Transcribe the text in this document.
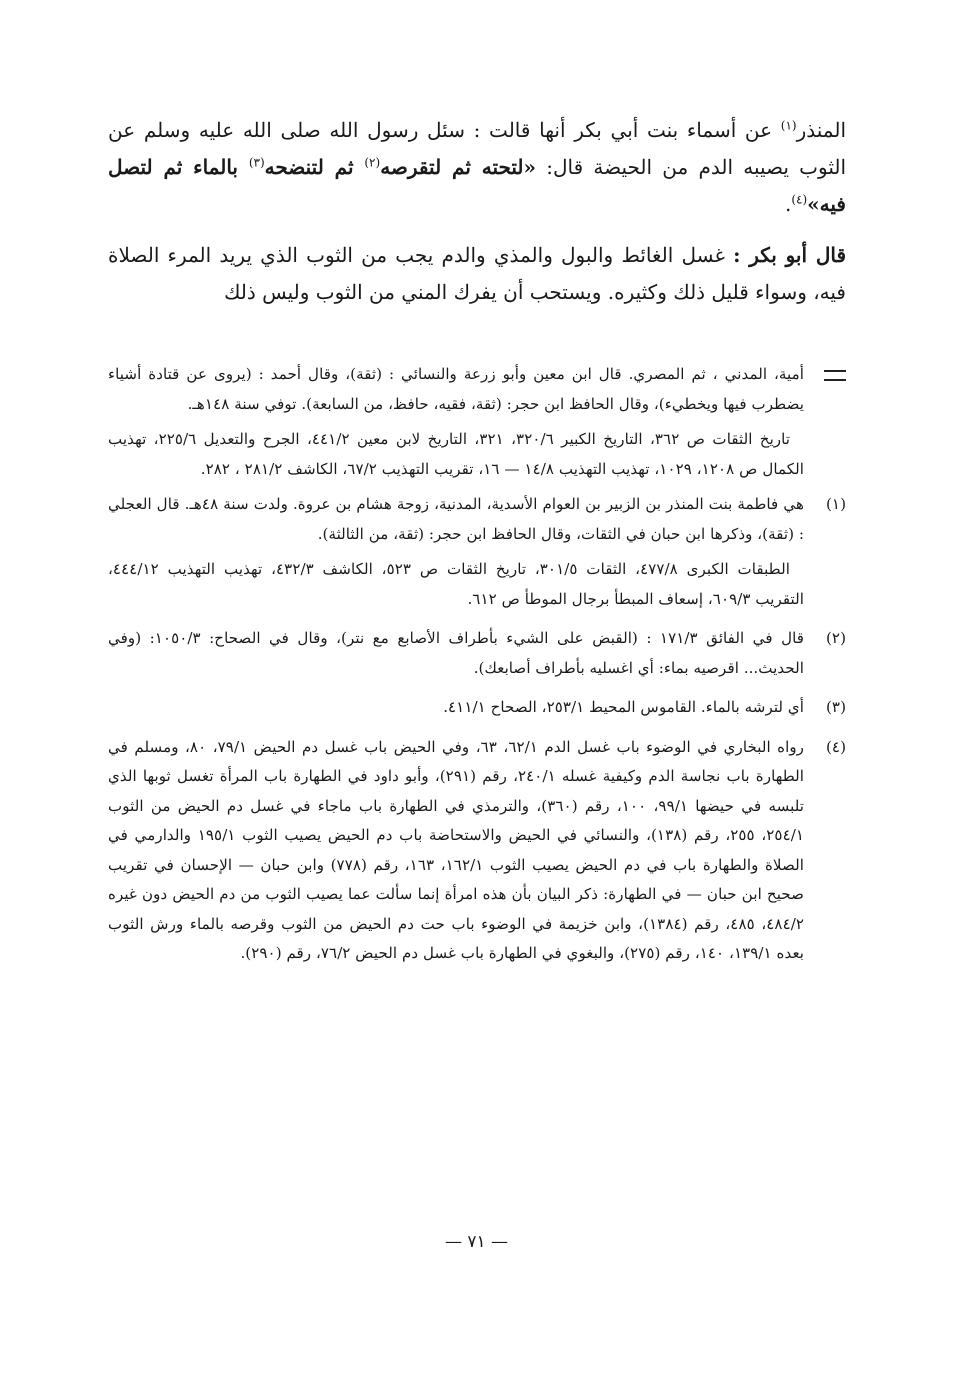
المنذر$^{(١)}$ عن أسماء بنت أبي بكر أنها قالت : سئل رسول الله صلى الله عليه وسلم عن الثوب يصيبه الدم من الحيضة قال: «لتحته ثم لتقرصه$^{(٢)}$ ثم لتنضحه$^{(٣)}$ بالماء ثم لتصل فيه»$^{(٤)}$.

قال أبو بكر : غسل الغائط والبول والمذي والدم يجب من الثوب الذي يريد المرء الصلاة فيه، وسواء قليل ذلك وكثيره. ويستحب أن يفرك المني من الثوب وليس ذلك

أمية، المدني ، ثم المصري. قال ابن معين وأبو زرعة والنسائي : (ثقة)، وقال أحمد : (يروى عن قتادة أشياء يضطرب فيها ويخطيء)، وقال الحافظ ابن حجر: (ثقة، فقيه، حافظ، من السابعة). توفي سنة ١٤٨هـ.

تاريخ الثقات ص ٣٦٢، التاريخ الكبير ٣٢٠/٦، ٣٢١، التاريخ لابن معين ٤٤١/٢، الجرح والتعديل ٢٢٥/٦، تهذيب الكمال ص ١٢٠٨، ١٠٢٩، تهذيب التهذيب ١٤/٨ — ١٦، تقريب التهذيب ٦٧/٢، الكاشف ٢٨١/٢ ، ٢٨٢.

(١)

هي فاطمة بنت المنذر بن الزبير بن العوام الأسدية، المدنية، زوجة هشام بن عروة. ولدت سنة ٤٨هـ. قال العجلي : (ثقة)، وذكرها ابن حبان في الثقات، وقال الحافظ ابن حجر: (ثقة، من الثالثة).

الطبقات الكبرى ٤٧٧/٨، الثقات ٣٠١/٥، تاريخ الثقات ص ٥٢٣، الكاشف ٤٣٢/٣، تهذيب التهذيب ٤٤٤/١٢، التقريب ٦٠٩/٣، إسعاف المبطأ برجال الموطأ ص ٦١٢.

(٢)

قال في الفائق ١٧١/٣ : (القبض على الشيء بأطراف الأصابع مع نتر)، وقال في الصحاح: ١٠٥٠/٣: (وفي الحديث... اقرصيه بماء: أي اغسليه بأطراف أصابعك).

(٣)

أي لترشه بالماء. القاموس المحيط ٢٥٣/١، الصحاح ٤١١/١.

(٤)

رواه البخاري في الوضوء باب غسل الدم ٦٢/١، ٦٣، وفي الحيض باب غسل دم الحيض ٧٩/١، ٨٠، ومسلم في الطهارة باب نجاسة الدم وكيفية غسله ٢٤٠/١، رقم (٢٩١)، وأبو داود في الطهارة باب المرأة تغسل ثوبها الذي تلبسه في حيضها ٩٩/١، ١٠٠، رقم (٣٦٠)، والترمذي في الطهارة باب ماجاء في غسل دم الحيض من الثوب ٢٥٤/١، ٢٥٥، رقم (١٣٨)، والنسائي في الحيض والاستحاضة باب دم الحيض يصيب الثوب ١٩٥/١ والدارمي في الصلاة والطهارة باب في دم الحيض يصيب الثوب ١٦٢/١، ١٦٣، رقم (٧٧٨) وابن حبان — الإحسان في تقريب صحيح ابن حبان — في الطهارة: ذكر البيان بأن هذه امرأة إنما سألت عما يصيب الثوب من دم الحيض دون غيره ٤٨٤/٢، ٤٨٥، رقم (١٣٨٤)، وابن خزيمة في الوضوء باب حت دم الحيض من الثوب وقرصه بالماء ورش الثوب بعده ١٣٩/١، ١٤٠، رقم (٢٧٥)، والبغوي في الطهارة باب غسل دم الحيض ٧٦/٢، رقم (٢٩٠).

— ٧١ —
